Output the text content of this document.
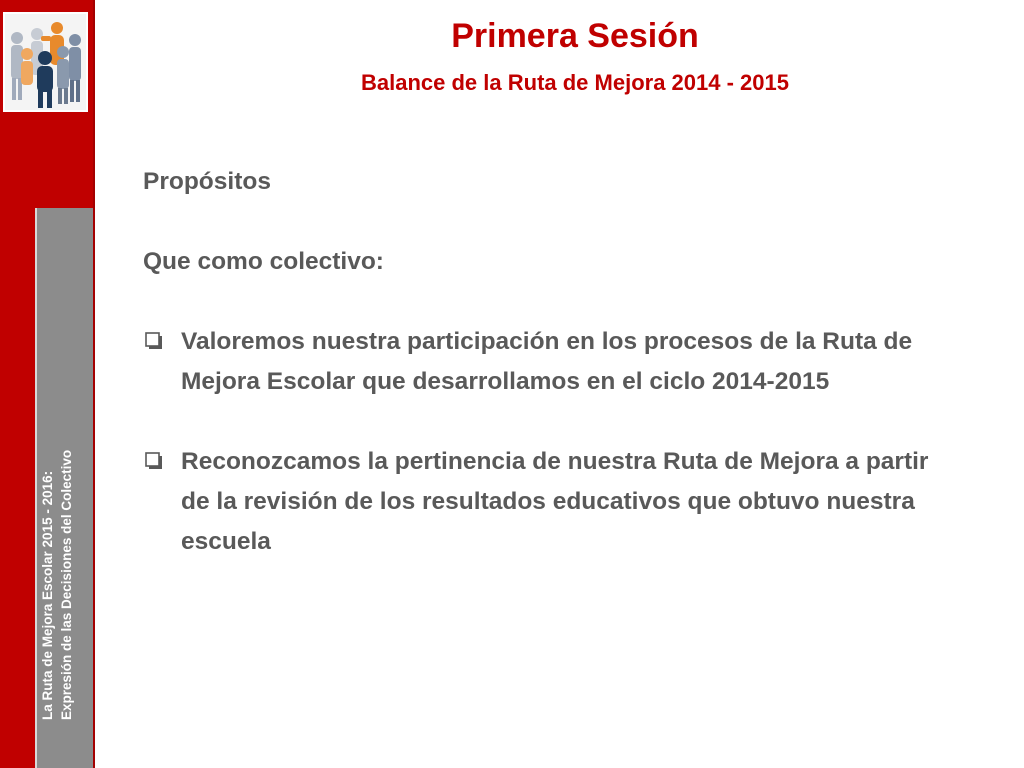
La Ruta de Mejora Escolar 2015 - 2016: Expresión de las Decisiones del Colectivo
Primera Sesión
Balance de la Ruta de Mejora 2014 - 2015

Propósitos

Que como colectivo:

Valoremos nuestra participación en los procesos de la Ruta de Mejora Escolar que desarrollamos en el ciclo 2014-2015
Reconozcamos la pertinencia de nuestra Ruta de Mejora a partir de la revisión de los resultados educativos que obtuvo nuestra escuela
